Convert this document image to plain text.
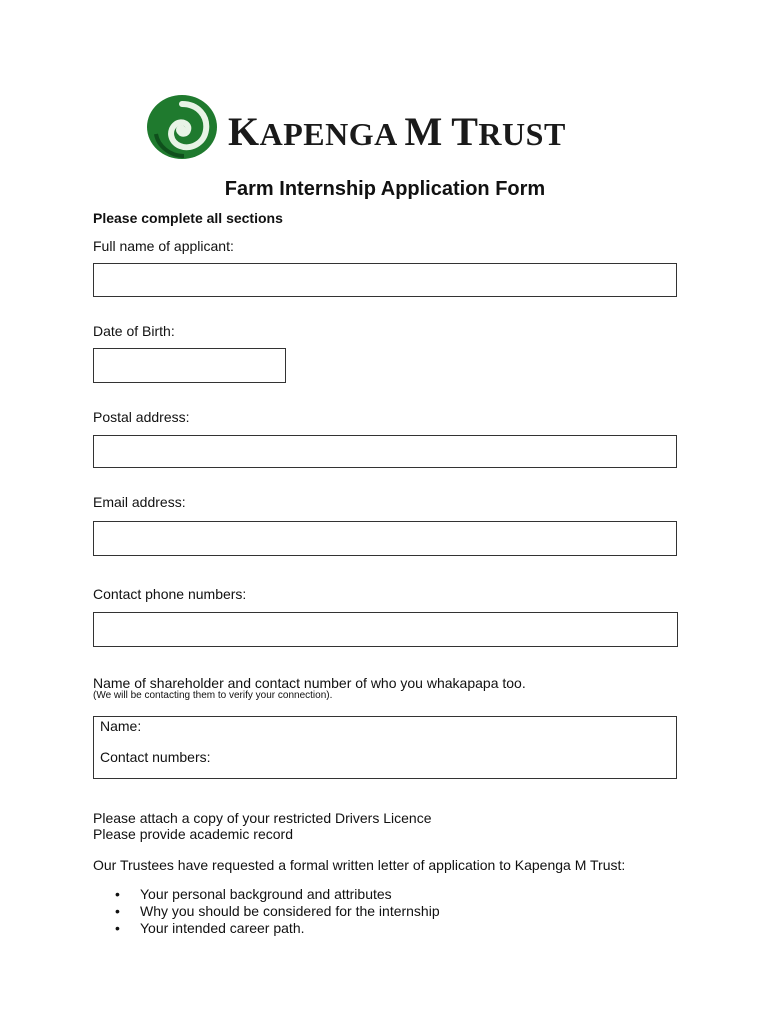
KAPENGA M TRUST
Farm Internship Application Form
Please complete all sections
Full name of applicant:
Date of Birth:
Postal address:
Email address:
Contact phone numbers:
Name of shareholder and contact number of who you whakapapa too.
(We will be contacting them to verify your connection).
Name:
Contact numbers:
Please attach a copy of your restricted Drivers Licence
Please provide academic record
Our Trustees have requested a formal written letter of application to Kapenga M Trust:
• Your personal background and attributes
• Why you should be considered for the internship
• Your intended career path.
